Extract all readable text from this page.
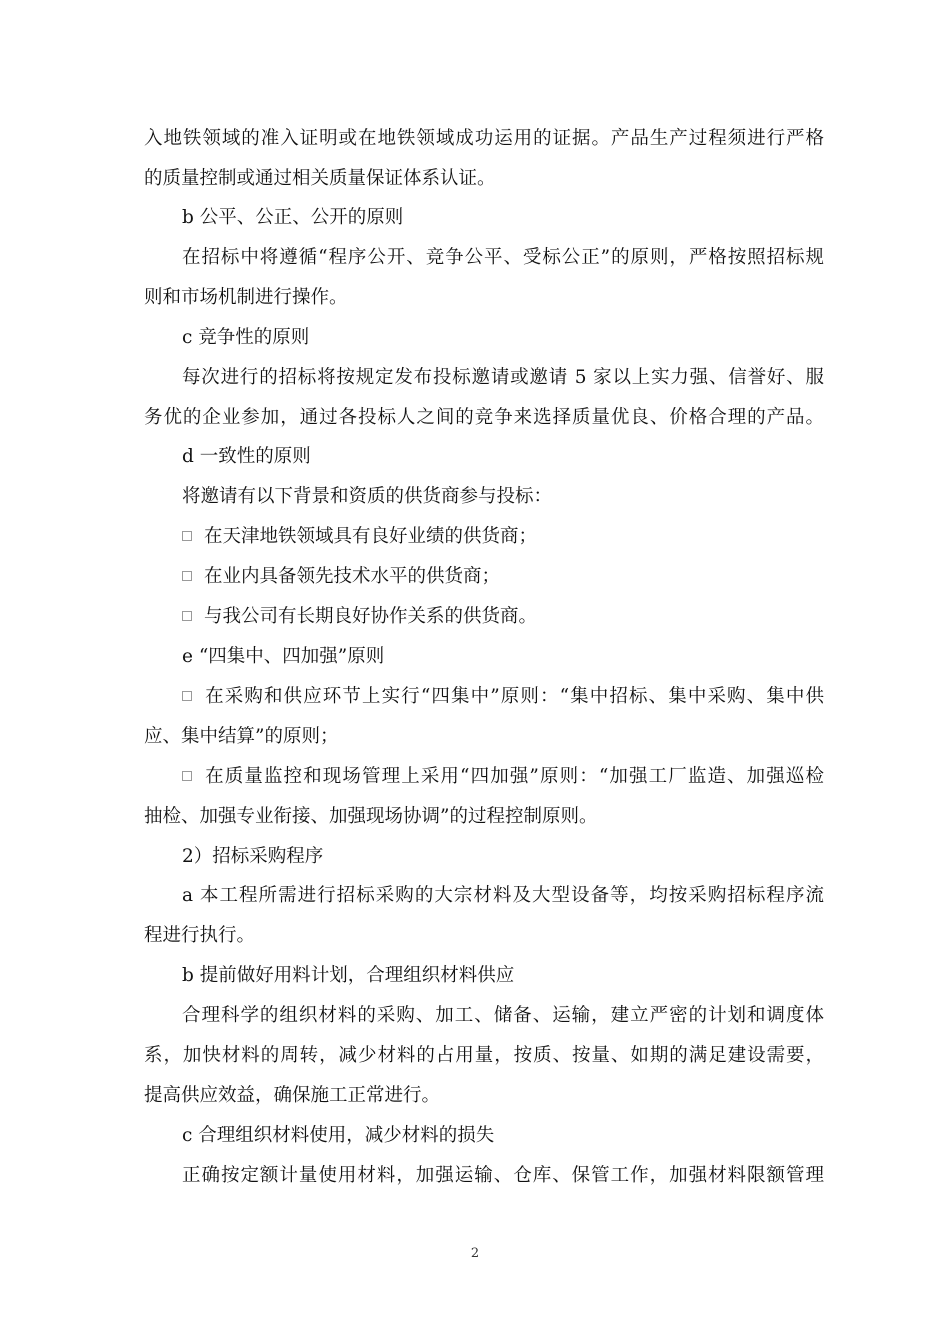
入地铁领域的准入证明或在地铁领域成功运用的证据。产品生产过程须进行严格
的质量控制或通过相关质量保证体系认证。
b 公平、公正、公开的原则
在招标中将遵循“程序公开、竞争公平、受标公正”的原则，严格按照招标规
则和市场机制进行操作。
c 竞争性的原则
每次进行的招标将按规定发布投标邀请或邀请 5 家以上实力强、信誉好、服
务优的企业参加，通过各投标人之间的竞争来选择质量优良、价格合理的产品。
d 一致性的原则
将邀请有以下背景和资质的供货商参与投标：
在天津地铁领域具有良好业绩的供货商；
在业内具备领先技术水平的供货商；
与我公司有长期良好协作关系的供货商。
e “四集中、四加强”原则
在采购和供应环节上实行“四集中”原则：“集中招标、集中采购、集中供
应、集中结算”的原则；
在质量监控和现场管理上采用“四加强”原则：“加强工厂监造、加强巡检
抽检、加强专业衔接、加强现场协调”的过程控制原则。
2）招标采购程序
a 本工程所需进行招标采购的大宗材料及大型设备等，均按采购招标程序流
程进行执行。
b 提前做好用料计划，合理组织材料供应
合理科学的组织材料的采购、加工、储备、运输，建立严密的计划和调度体
系，加快材料的周转，减少材料的占用量，按质、按量、如期的满足建设需要，
提高供应效益，确保施工正常进行。
c 合理组织材料使用，减少材料的损失
正确按定额计量使用材料，加强运输、仓库、保管工作，加强材料限额管理
2
